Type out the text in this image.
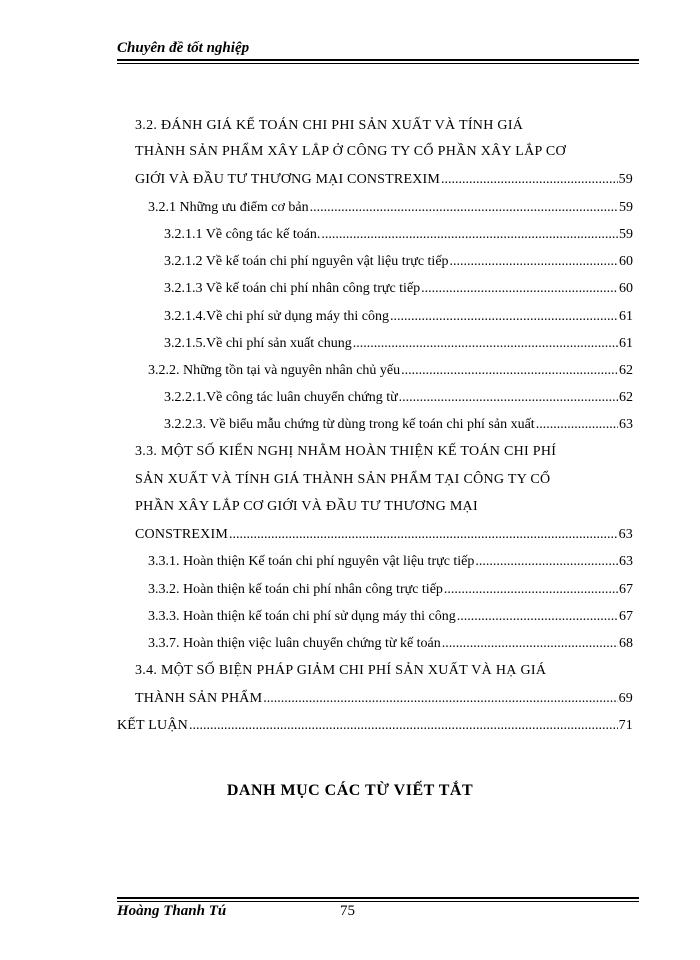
Chuyên đề tốt nghiệp
3.2. ĐÁNH GIÁ KẾ TOÁN CHI PHI SẢN XUẤT VÀ TÍNH GIÁ
THÀNH SẢN PHẨM XÂY LẮP Ở CÔNG TY CỔ PHẦN XÂY LẮP CƠ
GIỚI VÀ ĐẦU TƯ THƯƠNG MẠI CONSTREXIM .....	59
3.2.1 Những ưu điểm cơ bản .....	59
3.2.1.1 Về công tác kế toán. .....	59
3.2.1.2 Về kế toán chi phí nguyên vật liệu trực tiếp .....	60
3.2.1.3 Về kế toán chi phí nhân công trực tiếp .....	60
3.2.1.4.Về chi phí sử dụng máy thi công .....	61
3.2.1.5.Về chi phí sản xuất chung .....	61
3.2.2. Những tồn tại và nguyên nhân chủ yếu .....	62
3.2.2.1.Về công tác luân chuyển chứng từ .....	62
3.2.2.3. Về biểu mẫu chứng từ dùng trong kế toán chi phí sản xuất .....	63
3.3. MỘT SỐ KIẾN NGHỊ NHẰM HOÀN THIỆN KẾ TOÁN CHI PHÍ
SẢN XUẤT VÀ TÍNH GIÁ THÀNH SẢN PHẨM TẠI CÔNG TY CỔ
PHẦN XÂY LẮP CƠ GIỚI VÀ ĐẦU TƯ THƯƠNG MẠI
CONSTREXIM .....	63
3.3.1. Hoàn thiện Kế toán chi phí nguyên vật liệu trực tiếp .....	63
3.3.2. Hoàn thiện kế toán chi phí nhân công trực tiếp .....	67
3.3.3. Hoàn thiện kế toán chi phí sử dụng máy thi công .....	67
3.3.7. Hoàn thiện việc luân chuyển chứng từ kế toán .....	68
3.4. MỘT SỐ BIỆN PHÁP GIẢM CHI PHÍ SẢN XUẤT VÀ HẠ GIÁ
THÀNH SẢN PHẨM .....	69
KẾT LUẬN .....	71
DANH MỤC CÁC TỪ VIẾT TẮT
Hoàng Thanh Tú	75
